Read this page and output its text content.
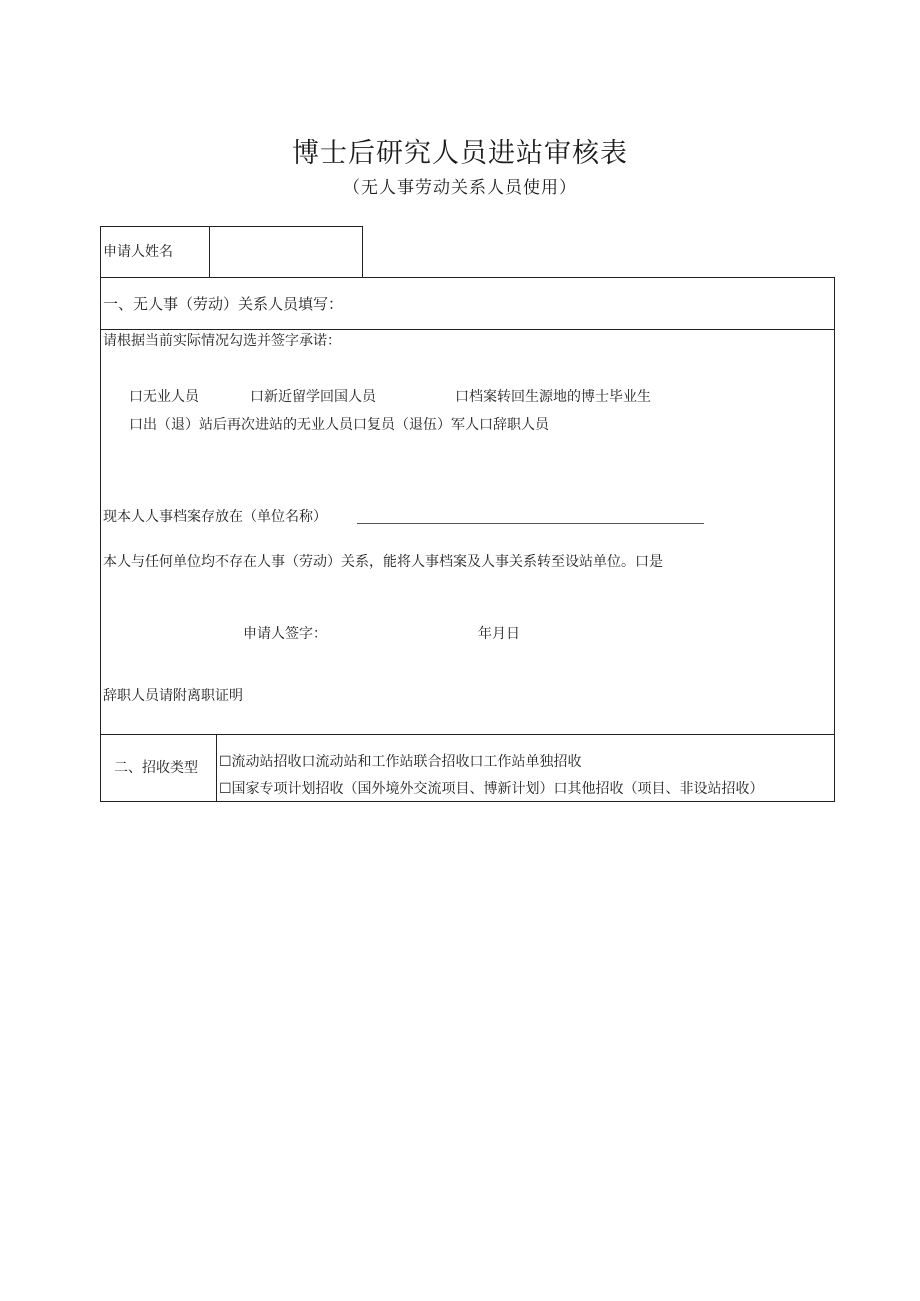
博士后研究人员进站审核表
（无人事劳动关系人员使用）
申请人姓名
一、无人事（劳动）关系人员填写：
请根据当前实际情况勾选并签字承诺：
口无业人员	口新近留学回国人员	口档案转回生源地的博士毕业生
口出（退）站后再次进站的无业人员口复员（退伍）军人口辞职人员
现本人人事档案存放在（单位名称）
本人与任何单位均不存在人事（劳动）关系，能将人事档案及人事关系转至设站单位。口是
申请人签字：	年月日
辞职人员请附离职证明
二、招收类型 ☐流动站招收口流动站和工作站联合招收口工作站单独招收
☐国家专项计划招收（国外境外交流项目、博新计划）口其他招收（项目、非设站招收）
